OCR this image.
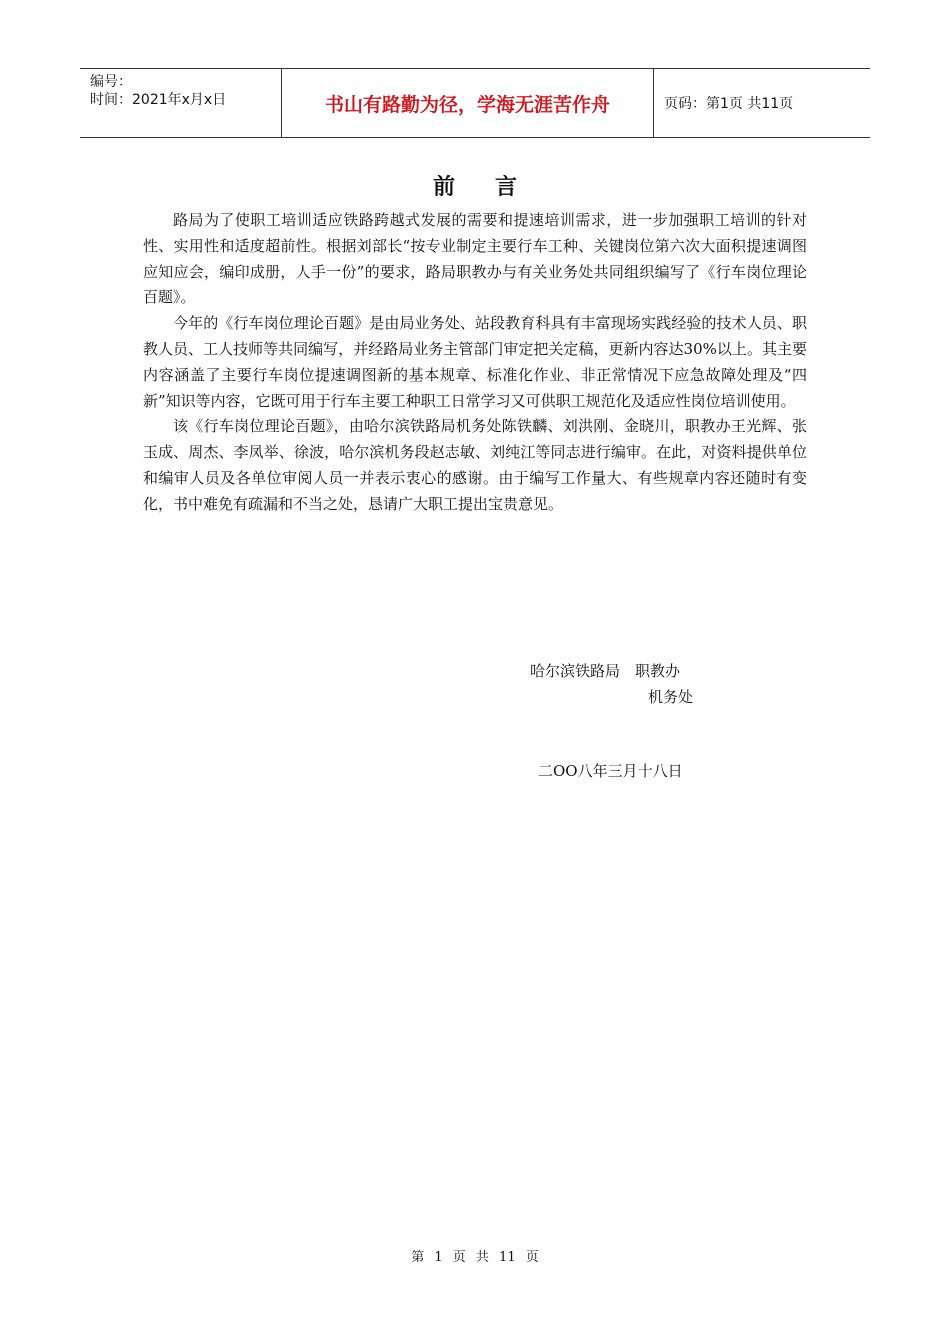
编号：
时间：2021年x月x日	书山有路勤为径，学海无涯苦作舟	页码：第1页 共11页
前言

路局为了使职工培训适应铁路跨越式发展的需要和提速培训需求，进一步加强职工培训的针对性、实用性和适度超前性。根据刘部长“按专业制定主要行车工种、关键岗位第六次大面积提速调图应知应会，编印成册，人手一份”的要求，路局职教办与有关业务处共同组织编写了《行车岗位理论百题》。

今年的《行车岗位理论百题》是由局业务处、站段教育科具有丰富现场实践经验的技术人员、职教人员、工人技师等共同编写，并经路局业务主管部门审定把关定稿，更新内容达30%以上。其主要内容涵盖了主要行车岗位提速调图新的基本规章、标准化作业、非正常情况下应急故障处理及“四新”知识等内容，它既可用于行车主要工种职工日常学习又可供职工规范化及适应性岗位培训使用。

该《行车岗位理论百题》，由哈尔滨铁路局机务处陈铁麟、刘洪刚、金晓川，职教办王光辉、张玉成、周杰、李凤举、徐波，哈尔滨机务段赵志敏、刘纯江等同志进行编审。在此，对资料提供单位和编审人员及各单位审阅人员一并表示衷心的感谢。由于编写工作量大、有些规章内容还随时有变化，书中难免有疏漏和不当之处，恳请广大职工提出宝贵意见。

哈尔滨铁路局　职教办
机务处
二OO八年三月十八日
第 1 页 共 11 页
